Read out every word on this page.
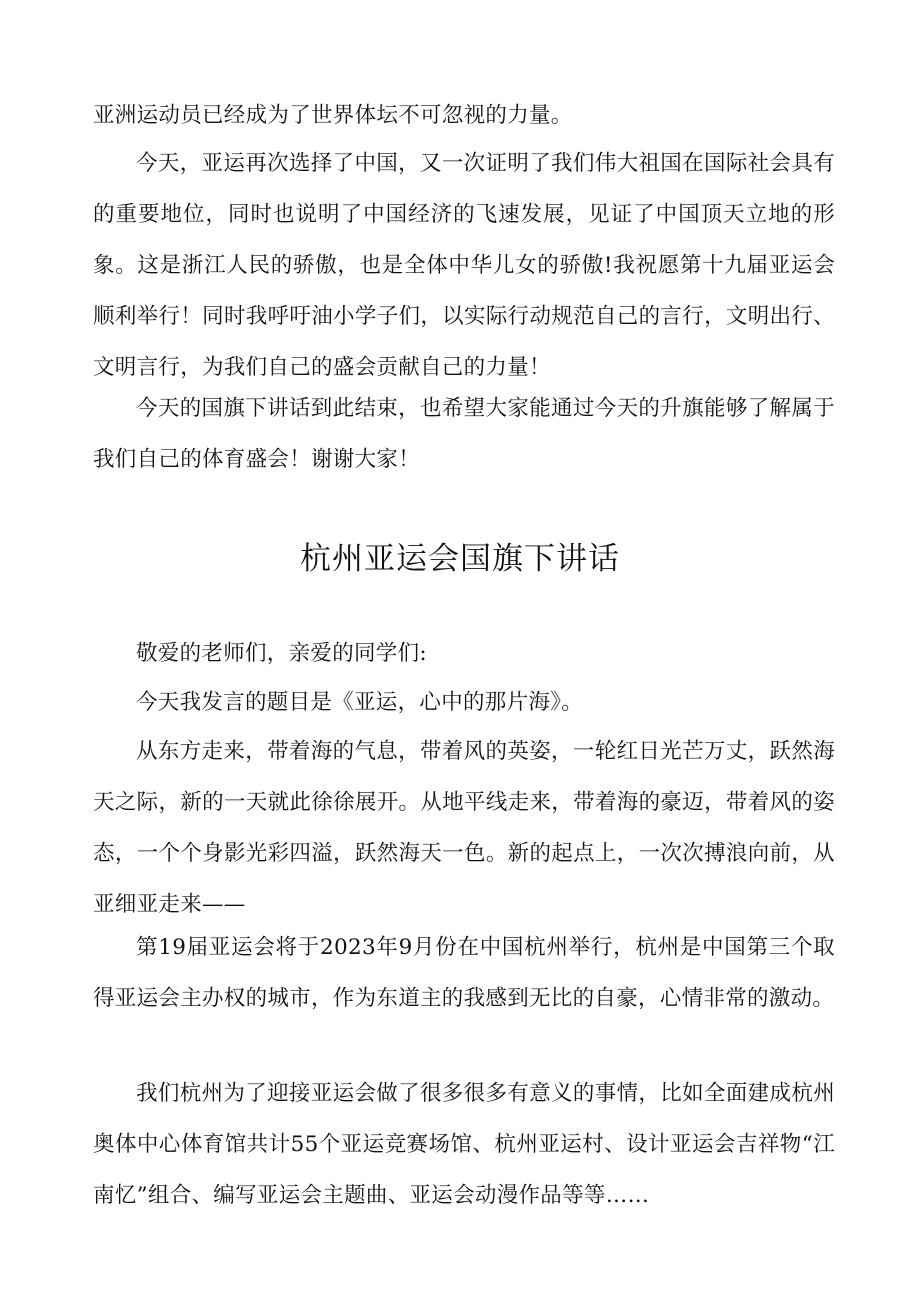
亚洲运动员已经成为了世界体坛不可忽视的力量。

今天，亚运再次选择了中国，又一次证明了我们伟大祖国在国际社会具有的重要地位，同时也说明了中国经济的飞速发展，见证了中国顶天立地的形象。这是浙江人民的骄傲，也是全体中华儿女的骄傲!我祝愿第十九届亚运会顺利举行！同时我呼吁油小学子们，以实际行动规范自己的言行，文明出行、文明言行，为我们自己的盛会贡献自己的力量！

今天的国旗下讲话到此结束，也希望大家能通过今天的升旗能够了解属于我们自己的体育盛会！谢谢大家！

杭州亚运会国旗下讲话

敬爱的老师们，亲爱的同学们:

今天我发言的题目是《亚运，心中的那片海》。

从东方走来，带着海的气息，带着风的英姿，一轮红日光芒万丈，跃然海天之际，新的一天就此徐徐展开。从地平线走来，带着海的豪迈，带着风的姿态，一个个身影光彩四溢，跃然海天一色。新的起点上，一次次搏浪向前，从亚细亚走来——

第19届亚运会将于2023年9月份在中国杭州举行，杭州是中国第三个取得亚运会主办权的城市，作为东道主的我感到无比的自豪，心情非常的激动。

我们杭州为了迎接亚运会做了很多很多有意义的事情，比如全面建成杭州奥体中心体育馆共计55个亚运竞赛场馆、杭州亚运村、设计亚运会吉祥物“江南忆”组合、编写亚运会主题曲、亚运会动漫作品等等……
